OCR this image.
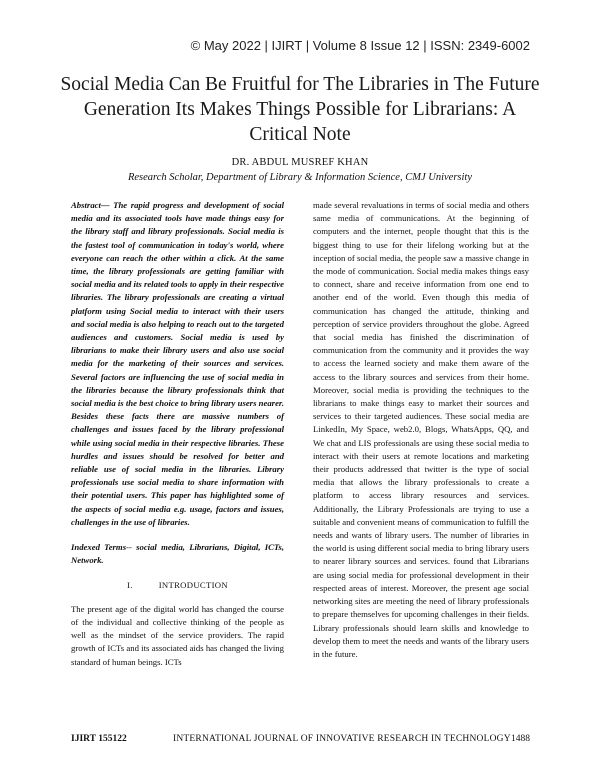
© May 2022 | IJIRT | Volume 8 Issue 12 | ISSN: 2349-6002
Social Media Can Be Fruitful for The Libraries in The Future Generation Its Makes Things Possible for Librarians: A Critical Note
DR. ABDUL MUSREF KHAN
Research Scholar, Department of Library & Information Science, CMJ University
Abstract— The rapid progress and development of social media and its associated tools have made things easy for the library staff and library professionals. Social media is the fastest tool of communication in today's world, where everyone can reach the other within a click. At the same time, the library professionals are getting familiar with social media and its related tools to apply in their respective libraries. The library professionals are creating a virtual platform using Social media to interact with their users and social media is also helping to reach out to the targeted audiences and customers. Social media is used by librarians to make their library users and also use social media for the marketing of their sources and services. Several factors are influencing the use of social media in the libraries because the library professionals think that social media is the best choice to bring library users nearer. Besides these facts there are massive numbers of challenges and issues faced by the library professional while using social media in their respective libraries. These hurdles and issues should be resolved for better and reliable use of social media in the libraries. Library professionals use social media to share information with their potential users. This paper has highlighted some of the aspects of social media e.g. usage, factors and issues, challenges in the use of libraries.
Indexed Terms-- social media, Librarians, Digital, ICTs, Network.
I.	INTRODUCTION
The present age of the digital world has changed the course of the individual and collective thinking of the people as well as the mindset of the service providers. The rapid growth of ICTs and its associated aids has changed the living standard of human beings. ICTs
made several revaluations in terms of social media and others same media of communications. At the beginning of computers and the internet, people thought that this is the biggest thing to use for their lifelong working but at the inception of social media, the people saw a massive change in the mode of communication. Social media makes things easy to connect, share and receive information from one end to another end of the world. Even though this media of communication has changed the attitude, thinking and perception of service providers throughout the globe. Agreed that social media has finished the discrimination of communication from the community and it provides the way to access the learned society and make them aware of the access to the library sources and services from their home. Moreover, social media is providing the techniques to the librarians to make things easy to market their sources and services to their targeted audiences. These social media are LinkedIn, My Space, web2.0, Blogs, WhatsApps, QQ, and We chat and LIS professionals are using these social media to interact with their users at remote locations and marketing their products addressed that twitter is the type of social media that allows the library professionals to create a platform to access library resources and services. Additionally, the Library Professionals are trying to use a suitable and convenient means of communication to fulfill the needs and wants of library users. The number of libraries in the world is using different social media to bring library users to nearer library sources and services. found that Librarians are using social media for professional development in their respected areas of interest. Moreover, the present age social networking sites are meeting the need of library professionals to prepare themselves for upcoming challenges in their fields. Library professionals should learn skills and knowledge to develop them to meet the needs and wants of the library users in the future.
IJIRT 155122	INTERNATIONAL JOURNAL OF INNOVATIVE RESEARCH IN TECHNOLOGY 1488
